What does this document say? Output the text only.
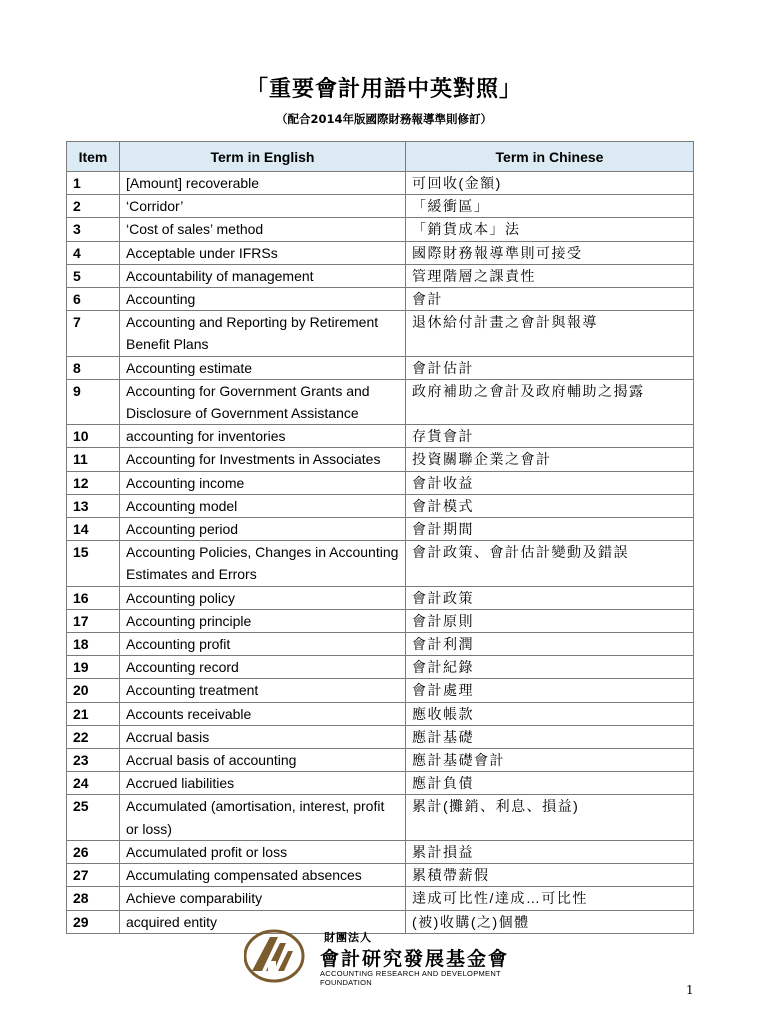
「重要會計用語中英對照」
（配合2014年版國際財務報導準則修訂）
Item	Term in English	Term in Chinese
1	[Amount] recoverable	可回收(金額)
2	‘Corridor’	「緩衝區」
3	‘Cost of sales’ method	「銷貨成本」法
4	Acceptable under IFRSs	國際財務報導準則可接受
5	Accountability of management	管理階層之課責性
6	Accounting	會計
7	Accounting and Reporting by Retirement Benefit Plans	退休給付計畫之會計與報導
8	Accounting estimate	會計估計
9	Accounting for Government Grants and Disclosure of Government Assistance	政府補助之會計及政府輔助之揭露
10	accounting for inventories	存貨會計
11	Accounting for Investments in Associates	投資關聯企業之會計
12	Accounting income	會計收益
13	Accounting model	會計模式
14	Accounting period	會計期間
15	Accounting Policies, Changes in Accounting Estimates and Errors	會計政策、會計估計變動及錯誤
16	Accounting policy	會計政策
17	Accounting principle	會計原則
18	Accounting profit	會計利潤
19	Accounting record	會計紀錄
20	Accounting treatment	會計處理
21	Accounts receivable	應收帳款
22	Accrual basis	應計基礎
23	Accrual basis of accounting	應計基礎會計
24	Accrued liabilities	應計負債
25	Accumulated (amortisation, interest, profit or loss)	累計(攤銷、利息、損益)
26	Accumulated profit or loss	累計損益
27	Accumulating compensated absences	累積帶薪假
28	Achieve comparability	達成可比性/達成…可比性
29	acquired entity	(被)收購(之)個體
財團法人
會計研究發展基金會
ACCOUNTING RESEARCH AND DEVELOPMENT FOUNDATION
1
